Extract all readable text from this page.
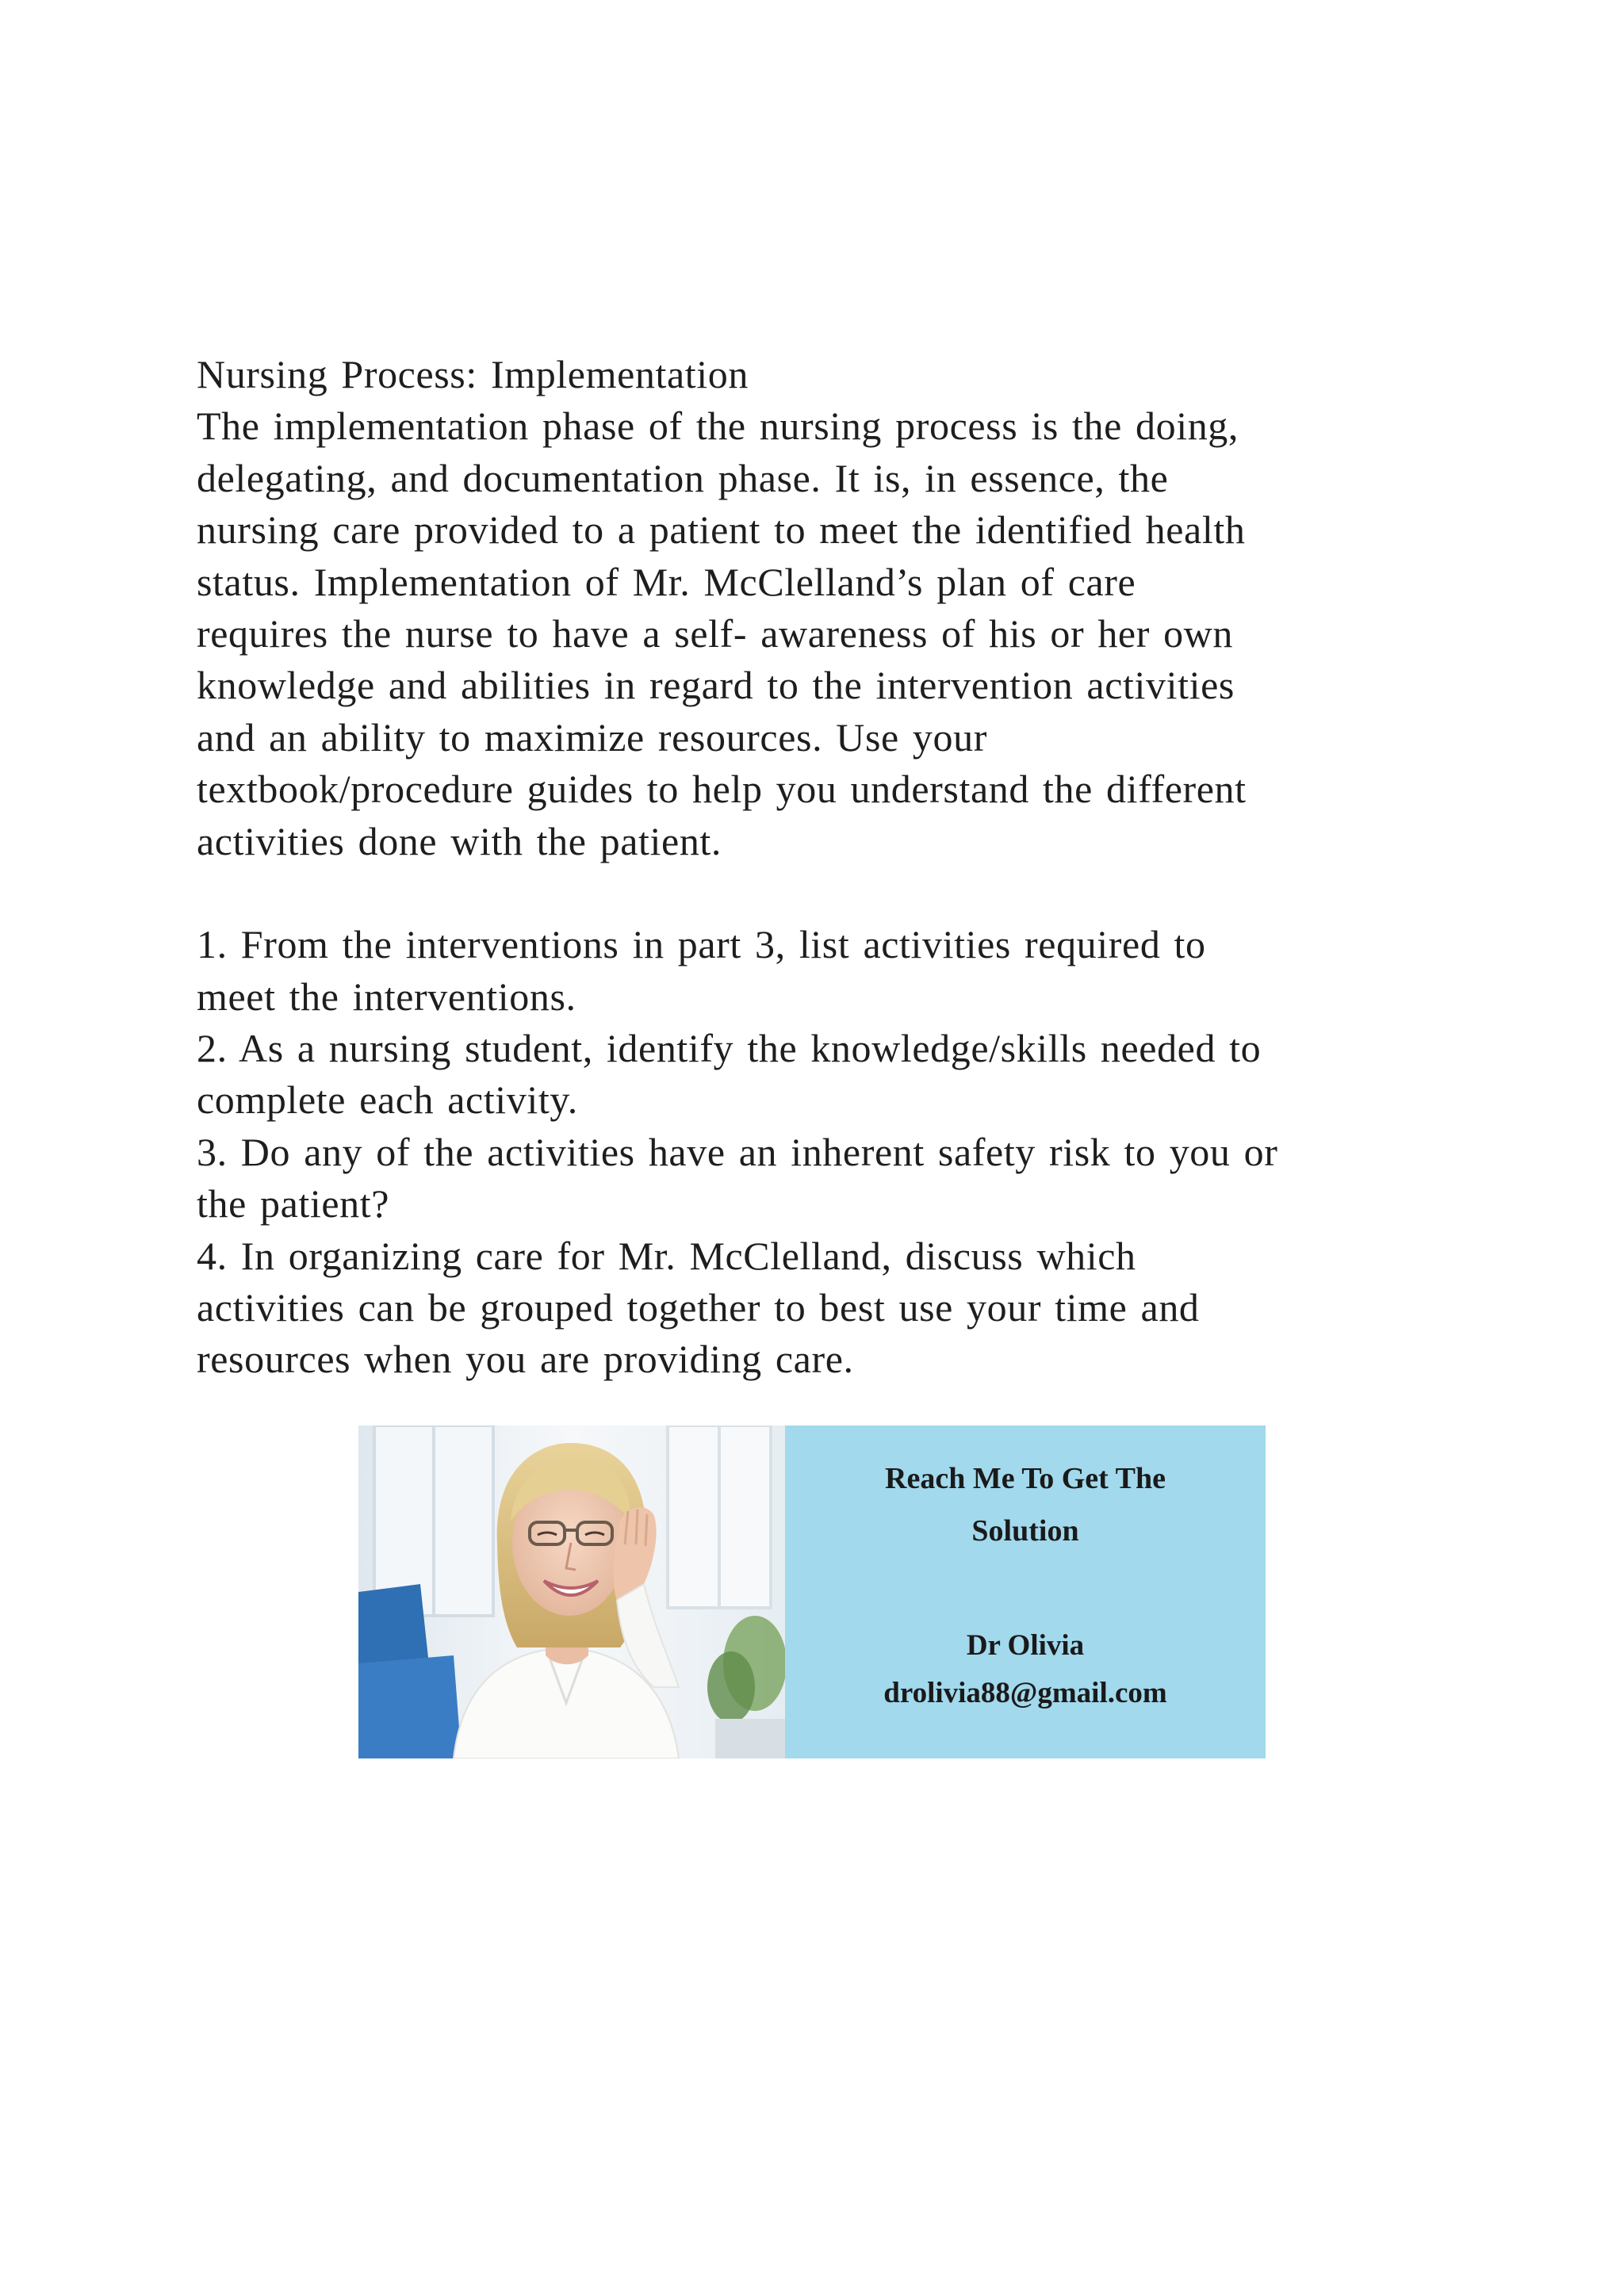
Nursing Process: Implementation
The implementation phase of the nursing process is the doing,
delegating, and documentation phase. It is, in essence, the
nursing care provided to a patient to meet the identified health
status. Implementation of Mr. McClelland’s plan of care
requires the nurse to have a self- awareness of his or her own
knowledge and abilities in regard to the intervention activities
and an ability to maximize resources. Use your
textbook/procedure guides to help you understand the different
activities done with the patient.
1. From the interventions in part 3, list activities required to
meet the interventions.
2. As a nursing student, identify the knowledge/skills needed to
complete each activity.
3. Do any of the activities have an inherent safety risk to you or
the patient?
4. In organizing care for Mr. McClelland, discuss which
activities can be grouped together to best use your time and
resources when you are providing care.
Reach Me To Get The
Solution
Dr Olivia
drolivia88@gmail.com
